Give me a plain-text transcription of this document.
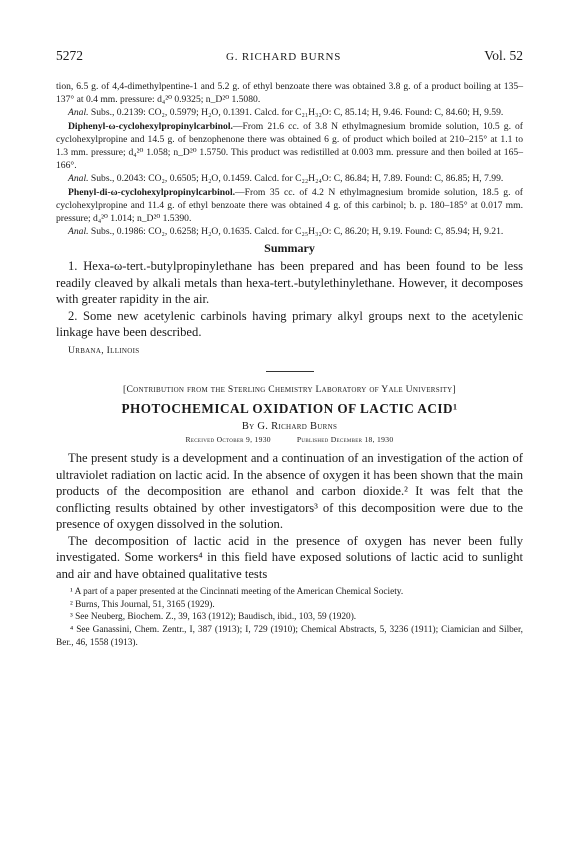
5272	G. RICHARD BURNS	Vol. 52

tion, 6.5 g. of 4,4-dimethylpentine-1 and 5.2 g. of ethyl benzoate there was obtained 3.8 g. of a product boiling at 135–137° at 0.4 mm. pressure: d₄²⁰ 0.9325; n_D²⁰ 1.5080.

Anal. Subs., 0.2139: CO₂, 0.5979; H₂O, 0.1391. Calcd. for C₂₁H₃₂O: C, 85.14; H, 9.46. Found: C, 84.60; H, 9.59.

Diphenyl-ω-cyclohexylpropinylcarbinol.—From 21.6 cc. of 3.8 N ethylmagnesium bromide solution, 10.5 g. of cyclohexylpropine and 14.5 g. of benzophenone there was obtained 6 g. of product which boiled at 210–215° at 1.1 to 1.3 mm. pressure; d₄²⁰ 1.058; n_D²⁰ 1.5750. This product was redistilled at 0.003 mm. pressure and then boiled at 165–166°.

Anal. Subs., 0.2043: CO₂, 0.6505; H₂O, 0.1459. Calcd. for C₂₂H₂₄O: C, 86.84; H, 7.89. Found: C, 86.85; H, 7.99.

Phenyl-di-ω-cyclohexylpropinylcarbinol.—From 35 cc. of 4.2 N ethylmagnesium bromide solution, 18.5 g. of cyclohexylpropine and 11.4 g. of ethyl benzoate there was obtained 4 g. of this carbinol; b. p. 180–185° at 0.017 mm. pressure; d₄²⁰ 1.014; n_D²⁰ 1.5390.

Anal. Subs., 0.1986: CO₂, 0.6258; H₂O, 0.1635. Calcd. for C₂₅H₃₂O: C, 86.20; H, 9.19. Found: C, 85.94; H, 9.21.

Summary

1. Hexa-ω-tert.-butylpropinylethane has been prepared and has been found to be less readily cleaved by alkali metals than hexa-tert.-butylethinylethane. However, it decomposes with greater rapidity in the air.

2. Some new acetylenic carbinols having primary alkyl groups next to the acetylenic linkage have been described.

Urbana, Illinois
[Contribution from the Sterling Chemistry Laboratory of Yale University]
PHOTOCHEMICAL OXIDATION OF LACTIC ACID¹
By G. Richard Burns
Received October 9, 1930	Published December 18, 1930

The present study is a development and a continuation of an investigation of the action of ultraviolet radiation on lactic acid. In the absence of oxygen it has been shown that the main products of the decomposition are ethanol and carbon dioxide.² It was felt that the conflicting results obtained by other investigators³ of this decomposition were due to the presence of oxygen dissolved in the solution.

The decomposition of lactic acid in the presence of oxygen has never been fully investigated. Some workers⁴ in this field have exposed solutions of lactic acid to sunlight and air and have obtained qualitative tests

¹ A part of a paper presented at the Cincinnati meeting of the American Chemical Society.

² Burns, This Journal, 51, 3165 (1929).

³ See Neuberg, Biochem. Z., 39, 163 (1912); Baudisch, ibid., 103, 59 (1920).

⁴ See Ganassini, Chem. Zentr., I, 387 (1913); I, 729 (1910); Chemical Abstracts, 5, 3236 (1911); Ciamician and Silber, Ber., 46, 1558 (1913).
